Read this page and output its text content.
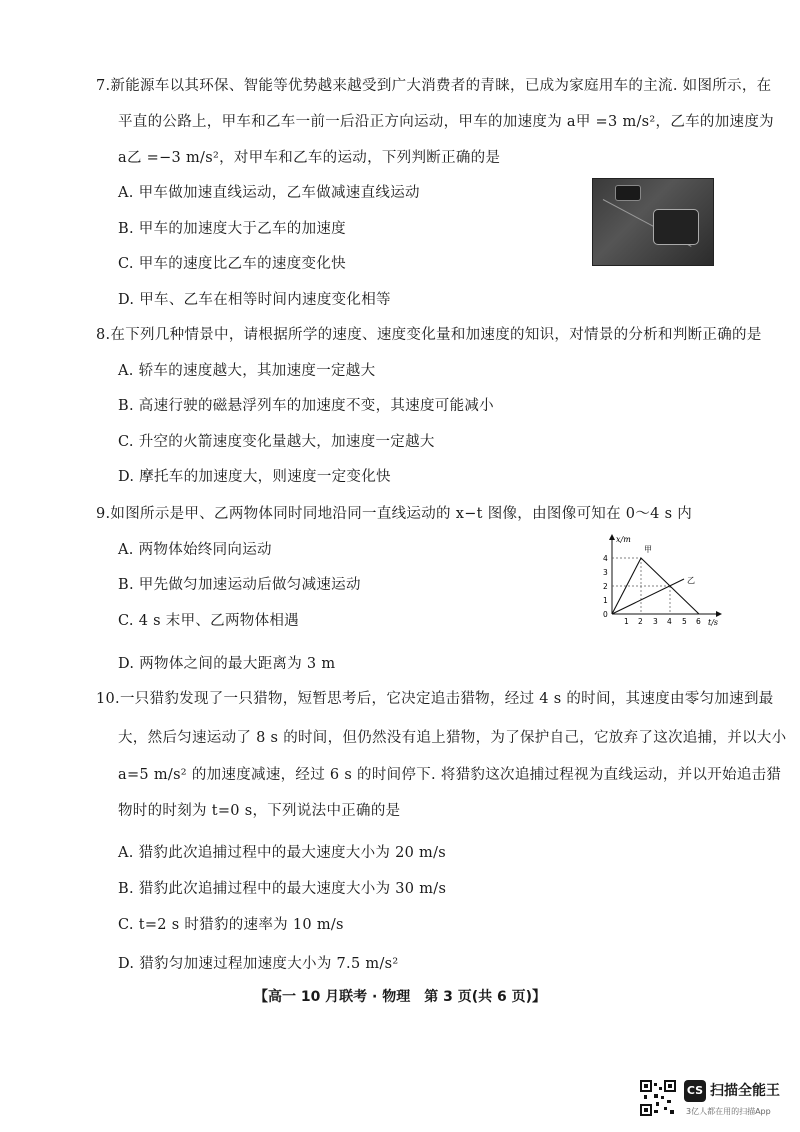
7.新能源车以其环保、智能等优势越来越受到广大消费者的青睐，已成为家庭用车的主流. 如图所示，在
平直的公路上，甲车和乙车一前一后沿正方向运动，甲车的加速度为 a甲 =3 m/s²，乙车的加速度为
a乙 =−3 m/s²，对甲车和乙车的运动，下列判断正确的是
A. 甲车做加速直线运动，乙车做减速直线运动
B. 甲车的加速度大于乙车的加速度
C. 甲车的速度比乙车的速度变化快
D. 甲车、乙车在相等时间内速度变化相等
8.在下列几种情景中，请根据所学的速度、速度变化量和加速度的知识，对情景的分析和判断正确的是
A. 轿车的速度越大，其加速度一定越大
B. 高速行驶的磁悬浮列车的加速度不变，其速度可能减小
C. 升空的火箭速度变化量越大，加速度一定越大
D. 摩托车的加速度大，则速度一定变化快
9.如图所示是甲、乙两物体同时同地沿同一直线运动的 x−t 图像，由图像可知在 0～4 s 内
A. 两物体始终同向运动
B. 甲先做匀加速运动后做匀减速运动
C. 4 s 末甲、乙两物体相遇
D. 两物体之间的最大距离为 3 m
x/m
甲
乙
t/s
4
3
2
1
0
1 2 3 4 5 6
10.一只猎豹发现了一只猎物，短暂思考后，它决定追击猎物，经过 4 s 的时间，其速度由零匀加速到最
大，然后匀速运动了 8 s 的时间，但仍然没有追上猎物，为了保护自己，它放弃了这次追捕，并以大小
a=5 m/s² 的加速度减速，经过 6 s 的时间停下. 将猎豹这次追捕过程视为直线运动，并以开始追击猎
物时的时刻为 t=0 s，下列说法中正确的是
A. 猎豹此次追捕过程中的最大速度大小为 20 m/s
B. 猎豹此次追捕过程中的最大速度大小为 30 m/s
C. t=2 s 时猎豹的速率为 10 m/s
D. 猎豹匀加速过程加速度大小为 7.5 m/s²
【高一 10 月联考 · 物理　第 3 页(共 6 页)】
CS 扫描全能王
3亿人都在用的扫描App
